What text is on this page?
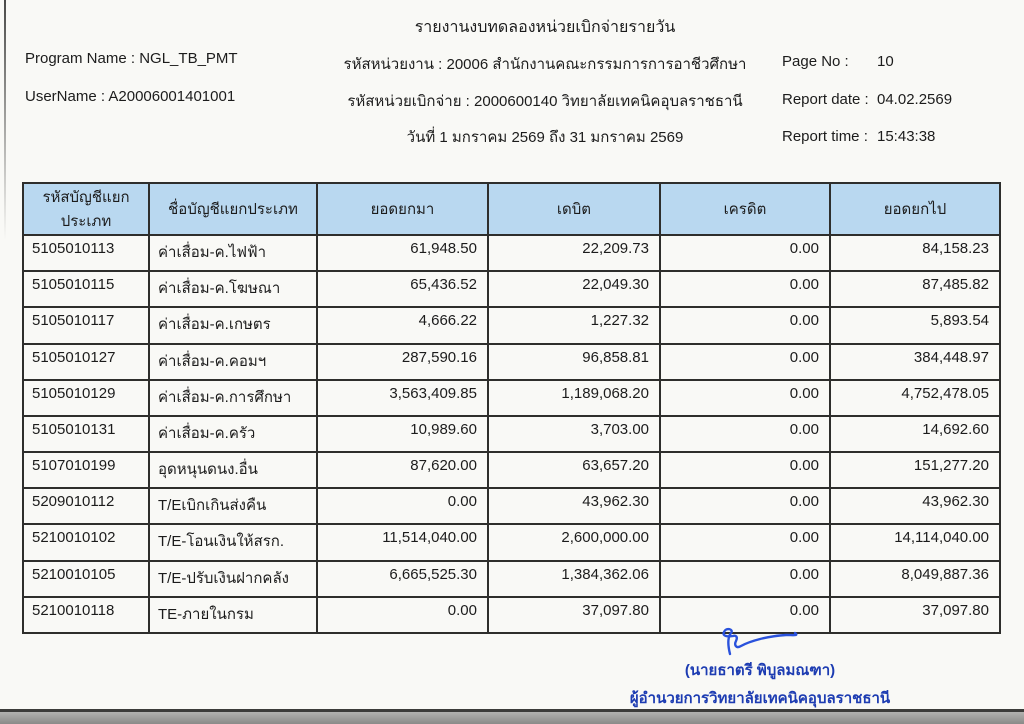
Program Name : NGL_TB_PMT
UserName : A20006001401001
รายงานงบทดลองหน่วยเบิกจ่ายรายวัน
รหัสหน่วยงาน : 20006 สำนักงานคณะกรรมการการอาชีวศึกษา
รหัสหน่วยเบิกจ่าย : 2000600140 วิทยาลัยเทคนิคอุบลราชธานี
วันที่ 1 มกราคม 2569 ถึง 31 มกราคม 2569
Page No : 10
Report date : 04.02.2569
Report time : 15:43:38
รหัสบัญชีแยกประเภท	ชื่อบัญชีแยกประเภท	ยอดยกมา	เดบิต	เครดิต	ยอดยกไป
5105010113	ค่าเสื่อม-ค.ไฟฟ้า	61,948.50	22,209.73	0.00	84,158.23
5105010115	ค่าเสื่อม-ค.โฆษณา	65,436.52	22,049.30	0.00	87,485.82
5105010117	ค่าเสื่อม-ค.เกษตร	4,666.22	1,227.32	0.00	5,893.54
5105010127	ค่าเสื่อม-ค.คอมฯ	287,590.16	96,858.81	0.00	384,448.97
5105010129	ค่าเสื่อม-ค.การศึกษา	3,563,409.85	1,189,068.20	0.00	4,752,478.05
5105010131	ค่าเสื่อม-ค.ครัว	10,989.60	3,703.00	0.00	14,692.60
5107010199	อุดหนุนดนง.อื่น	87,620.00	63,657.20	0.00	151,277.20
5209010112	T/Eเบิกเกินส่งคืน	0.00	43,962.30	0.00	43,962.30
5210010102	T/E-โอนเงินให้สรก.	11,514,040.00	2,600,000.00	0.00	14,114,040.00
5210010105	T/E-ปรับเงินฝากคลัง	6,665,525.30	1,384,362.06	0.00	8,049,887.36
5210010118	TE-ภายในกรม	0.00	37,097.80	0.00	37,097.80
(นายธาตรี พิบูลมณฑา)
ผู้อำนวยการวิทยาลัยเทคนิคอุบลราชธานี
